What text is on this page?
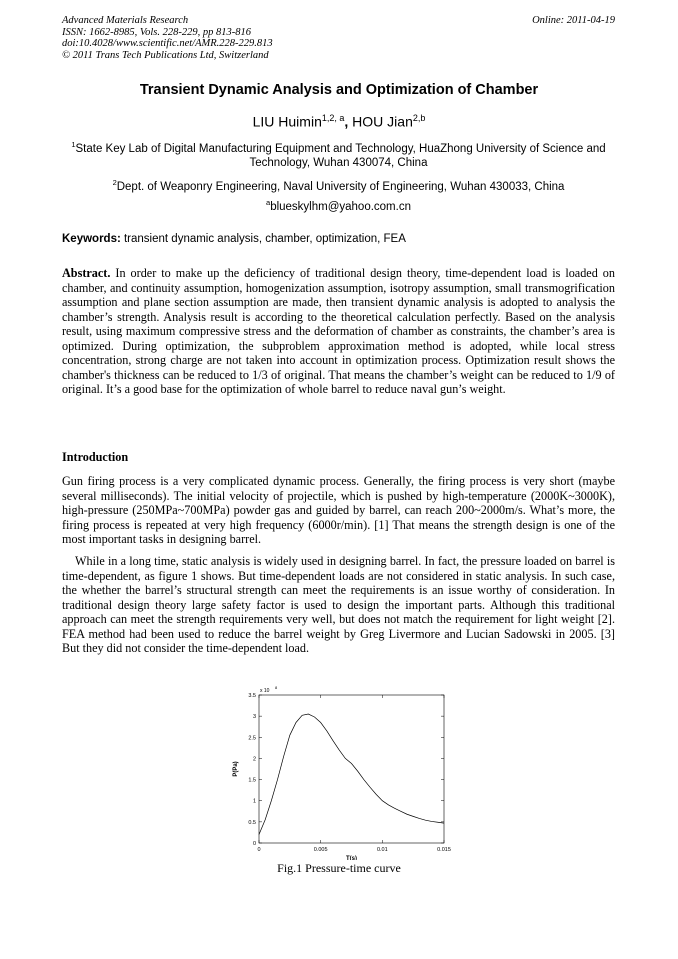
Advanced Materials Research
ISSN: 1662-8985, Vols. 228-229, pp 813-816
doi:10.4028/www.scientific.net/AMR.228-229.813
© 2011 Trans Tech Publications Ltd, Switzerland
Online: 2011-04-19
Transient Dynamic Analysis and Optimization of Chamber
LIU Huimin$^{1,2, a}$, HOU Jian$^{2,b}$
$^1$State Key Lab of Digital Manufacturing Equipment and Technology, HuaZhong University of Science and Technology, Wuhan 430074, China
$^2$Dept. of Weaponry Engineering, Naval University of Engineering, Wuhan 430033, China
$^a$blueskylhm@yahoo.com.cn
Keywords: transient dynamic analysis, chamber, optimization, FEA
Abstract. In order to make up the deficiency of traditional design theory, time-dependent load is loaded on chamber, and continuity assumption, homogenization assumption, isotropy assumption, small transmogrification assumption and plane section assumption are made, then transient dynamic analysis is adopted to analysis the chamber’s strength. Analysis result is according to the theoretical calculation perfectly. Based on the analysis result, using maximum compressive stress and the deformation of chamber as constraints, the chamber’s area is optimized. During optimization, the subproblem approximation method is adopted, while local stress concentration, strong charge are not taken into account in optimization process. Optimization result shows the chamber's thickness can be reduced to 1/3 of original. That means the chamber’s weight can be reduced to 1/9 of original. It’s a good base for the optimization of whole barrel to reduce naval gun’s weight.
Introduction
Gun firing process is a very complicated dynamic process. Generally, the firing process is very short (maybe several milliseconds). The initial velocity of projectile, which is pushed by high-temperature (2000K~3000K), high-pressure (250MPa~700MPa) powder gas and guided by barrel, can reach 200~2000m/s. What’s more, the firing process is repeated at very high frequency (6000r/min). [1] That means the strength design is one of the most important tasks in designing barrel.
While in a long time, static analysis is widely used in designing barrel. In fact, the pressure loaded on barrel is time-dependent, as figure 1 shows. But time-dependent loads are not considered in static analysis. In such case, the whether the barrel’s structural strength can meet the requirements is an issue worthy of consideration. In traditional design theory large safety factor is used to design the important parts. Although this traditional approach can meet the strength requirements very well, but does not match the requirement for light weight [2]. FEA method had been used to reduce the barrel weight by Greg Livermore and Lucian Sadowski in 2005. [3] But they did not consider the time-dependent load.
0	0.005	0.01	0.015
0
0.5
1
1.5
2
2.5
3
3.5
T(s)
P(Pa)
x 10
8
Fig.1 Pressure-time curve
